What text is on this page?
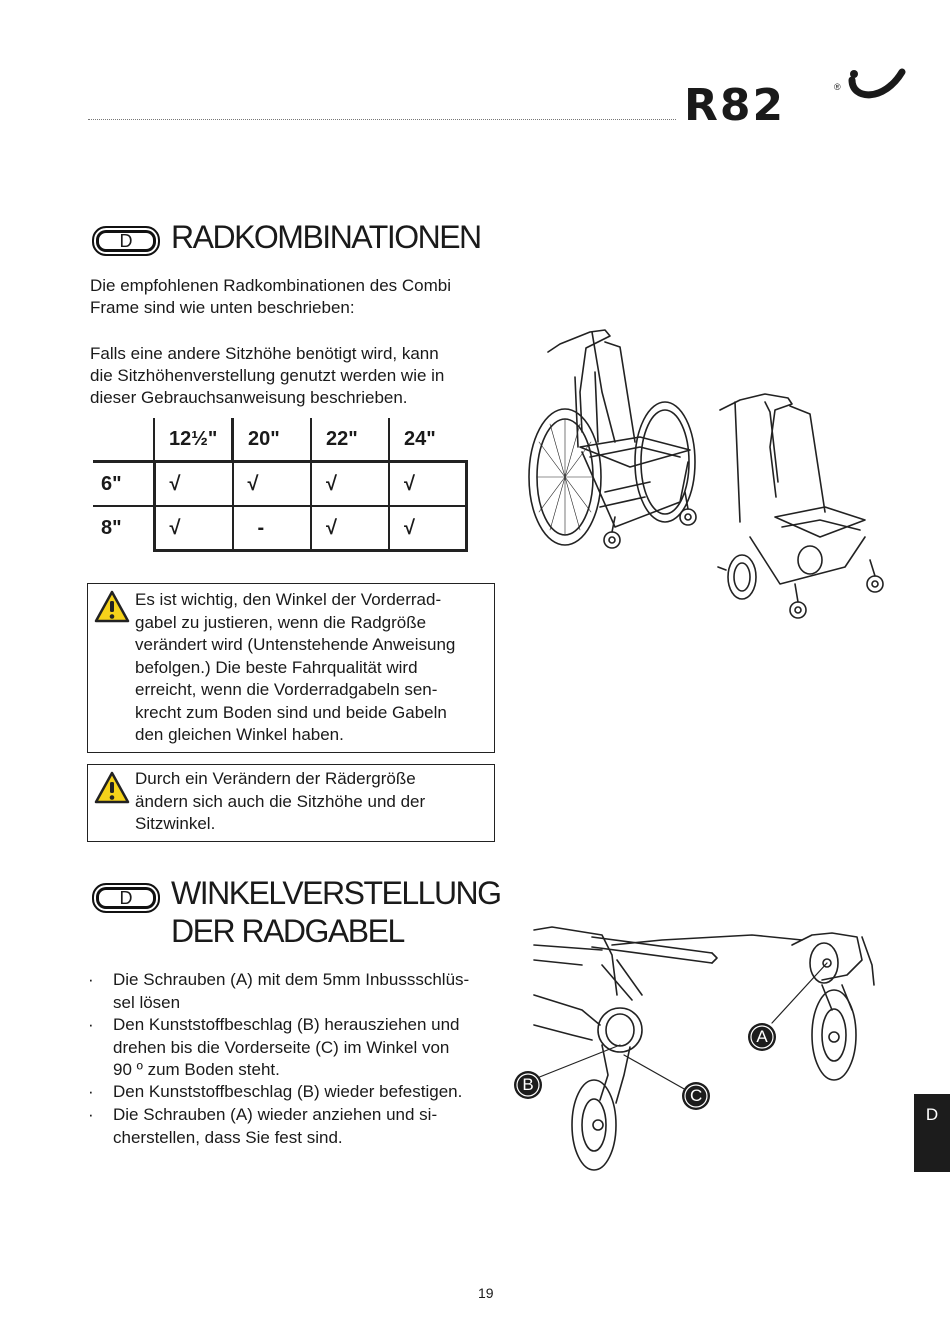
R82	®
D	RADKOMBINATIONEN
Die empfohlenen Radkombinationen des Combi
Frame sind wie unten beschrieben:
Falls eine andere Sitzhöhe benötigt wird, kann
die Sitzhöhenverstellung genutzt werden wie in
dieser Gebrauchsanweisung beschrieben.
	12½"	20"	22"	24"
6"	√	√	√	√
8"	√	-	√	√
Es ist wichtig, den Winkel der Vorderrad-
gabel zu justieren, wenn die Radgröße
verändert wird (Untenstehende Anweisung
befolgen.) Die beste Fahrqualität wird
erreicht, wenn die Vorderradgabeln sen-
krecht zum Boden sind und beide Gabeln
den gleichen Winkel haben.
Durch ein Verändern der Rädergröße
ändern sich auch die Sitzhöhe und der
Sitzwinkel.
D	WINKELVERSTELLUNG
DER RADGABEL
· Die Schrauben (A) mit dem 5mm Inbussschlüs-
sel lösen
· Den Kunststoffbeschlag (B) herausziehen und
drehen bis die Vorderseite (C) im Winkel von
90 º zum Boden steht.
· Den Kunststoffbeschlag (B) wieder befestigen.
· Die Schrauben (A) wieder anziehen und si-
cherstellen, dass Sie fest sind.
A
B
C
D
19
